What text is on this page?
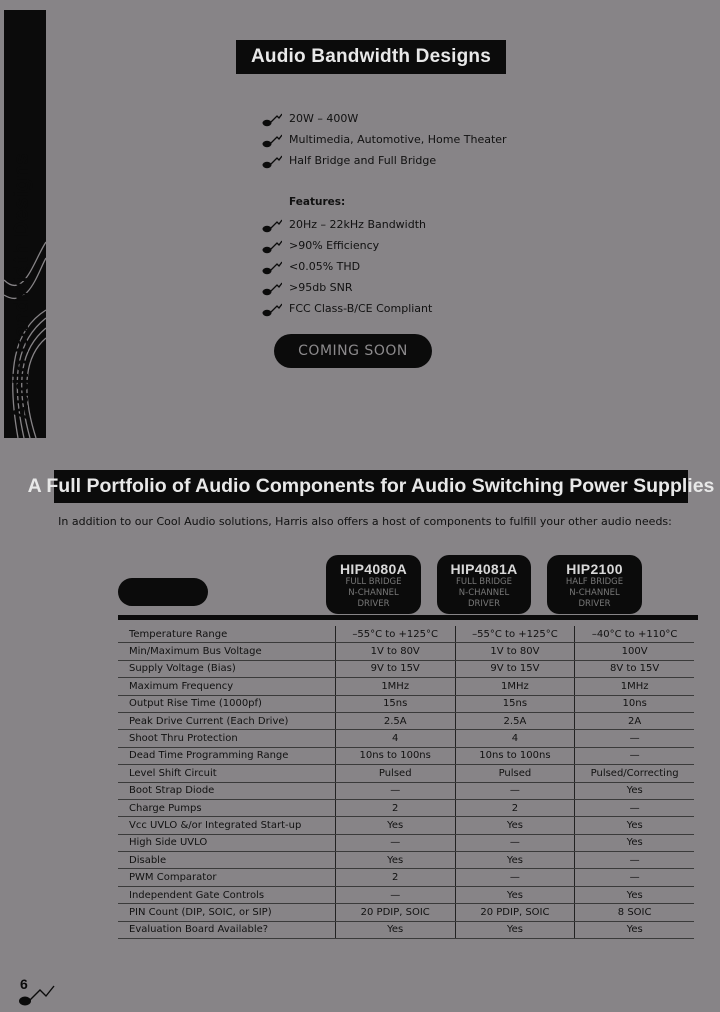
Audio Bandwidth Designs
Audio Bandwidth Designs
20W – 400W
Multimedia, Automotive, Home Theater
Half Bridge and Full Bridge
Features:
20Hz – 22kHz Bandwidth
>90% Efficiency
<0.05% THD
>95db SNR
FCC Class-B/CE Compliant
COMING SOON
A Full Portfolio of Audio Components for Audio Switching Power Supplies
In addition to our Cool Audio solutions, Harris also offers a host of components to fulfill your other audio needs:
HIP4080A
FULL BRIDGE
N-CHANNEL
DRIVER
HIP4081A
FULL BRIDGE
N-CHANNEL
DRIVER
HIP2100
HALF BRIDGE
N-CHANNEL
DRIVER
Temperature Range	–55°C to +125°C	–55°C to +125°C	–40°C to +110°C
Min/Maximum Bus Voltage	1V to 80V	1V to 80V	100V
Supply Voltage (Bias)	9V to 15V	9V to 15V	8V to 15V
Maximum Frequency	1MHz	1MHz	1MHz
Output Rise Time (1000pf)	15ns	15ns	10ns
Peak Drive Current (Each Drive)	2.5A	2.5A	2A
Shoot Thru Protection	4	4	—
Dead Time Programming Range	10ns to 100ns	10ns to 100ns	—
Level Shift Circuit	Pulsed	Pulsed	Pulsed/Correcting
Boot Strap Diode	—	—	Yes
Charge Pumps	2	2	—
Vcc UVLO &/or Integrated Start-up	Yes	Yes	Yes
High Side UVLO	—	—	Yes
Disable	Yes	Yes	—
PWM Comparator	2	—	—
Independent Gate Controls	—	Yes	Yes
PIN Count (DIP, SOIC, or SIP)	20 PDIP, SOIC	20 PDIP, SOIC	8 SOIC
Evaluation Board Available?	Yes	Yes	Yes
6
